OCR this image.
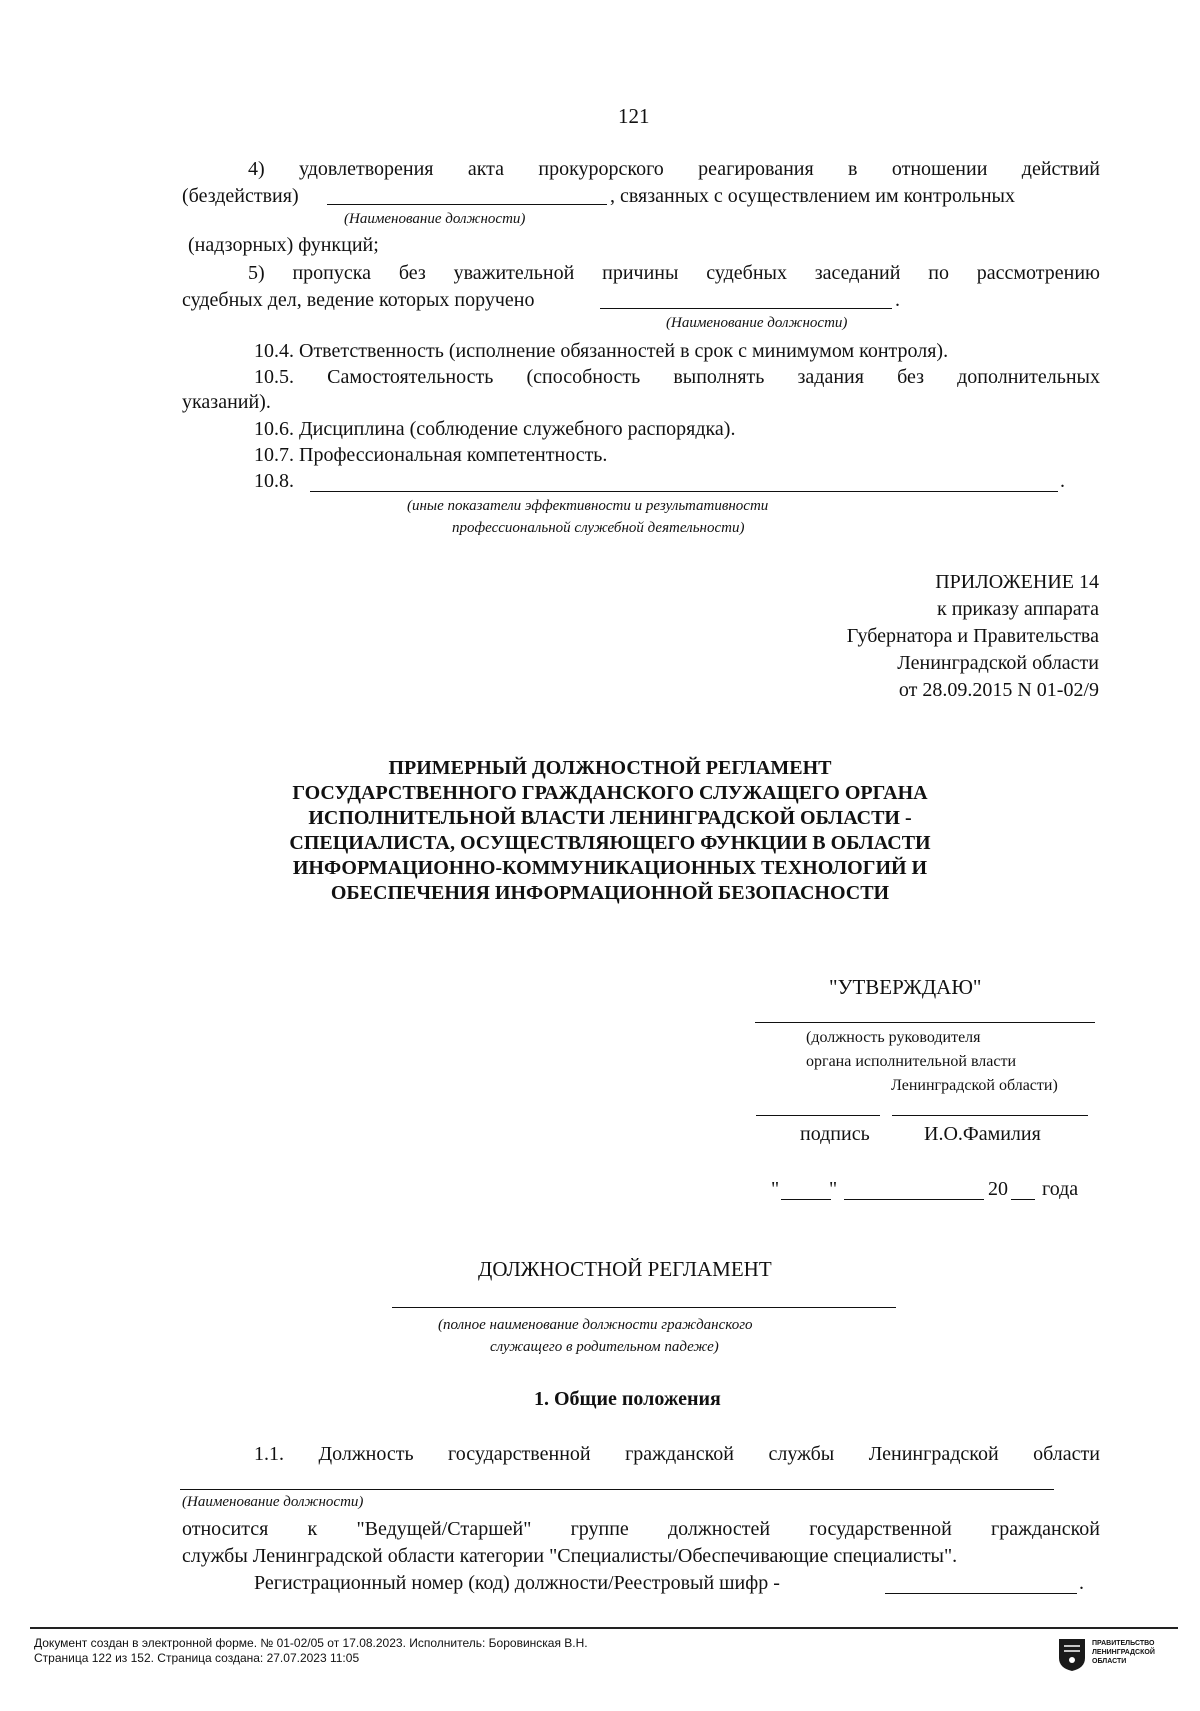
121
4) удовлетворения акта прокурорского реагирования в отношении действий
(бездействия)	, связанных с осуществлением им контрольных
(Наименование должности)
(надзорных) функций;
5) пропуска без уважительной причины судебных заседаний по рассмотрению
судебных дел, ведение которых поручено	.
(Наименование должности)
10.4. Ответственность (исполнение обязанностей в срок с минимумом контроля).
10.5. Самостоятельность (способность выполнять задания без дополнительных
указаний).
10.6. Дисциплина (соблюдение служебного распорядка).
10.7. Профессиональная компетентность.
10.8.	.
(иные показатели эффективности и результативности
профессиональной служебной деятельности)
ПРИЛОЖЕНИЕ 14
к приказу аппарата
Губернатора и Правительства
Ленинградской области
от 28.09.2015 N 01-02/9
ПРИМЕРНЫЙ ДОЛЖНОСТНОЙ РЕГЛАМЕНТ
ГОСУДАРСТВЕННОГО ГРАЖДАНСКОГО СЛУЖАЩЕГО ОРГАНА
ИСПОЛНИТЕЛЬНОЙ ВЛАСТИ ЛЕНИНГРАДСКОЙ ОБЛАСТИ -
СПЕЦИАЛИСТА, ОСУЩЕСТВЛЯЮЩЕГО ФУНКЦИИ В ОБЛАСТИ
ИНФОРМАЦИОННО-КОММУНИКАЦИОННЫХ ТЕХНОЛОГИЙ И
ОБЕСПЕЧЕНИЯ ИНФОРМАЦИОННОЙ БЕЗОПАСНОСТИ
"УТВЕРЖДАЮ"
(должность руководителя
органа исполнительной власти
Ленинградской области)
подпись	И.О.Фамилия
" "	20 года
ДОЛЖНОСТНОЙ РЕГЛАМЕНТ
(полное наименование должности гражданского
служащего в родительном падеже)
1. Общие положения
1.1. Должность государственной гражданской службы Ленинградской области
(Наименование должности)
относится к "Ведущей/Старшей" группе должностей государственной гражданской
службы Ленинградской области категории "Специалисты/Обеспечивающие специалисты".
Регистрационный номер (код) должности/Реестровый шифр -	.
Документ создан в электронной форме. № 01-02/05 от 17.08.2023. Исполнитель: Боровинская В.Н.
Страница 122 из 152. Страница создана: 27.07.2023 11:05
ПРАВИТЕЛЬСТВО
ЛЕНИНГРАДСКОЙ
ОБЛАСТИ
